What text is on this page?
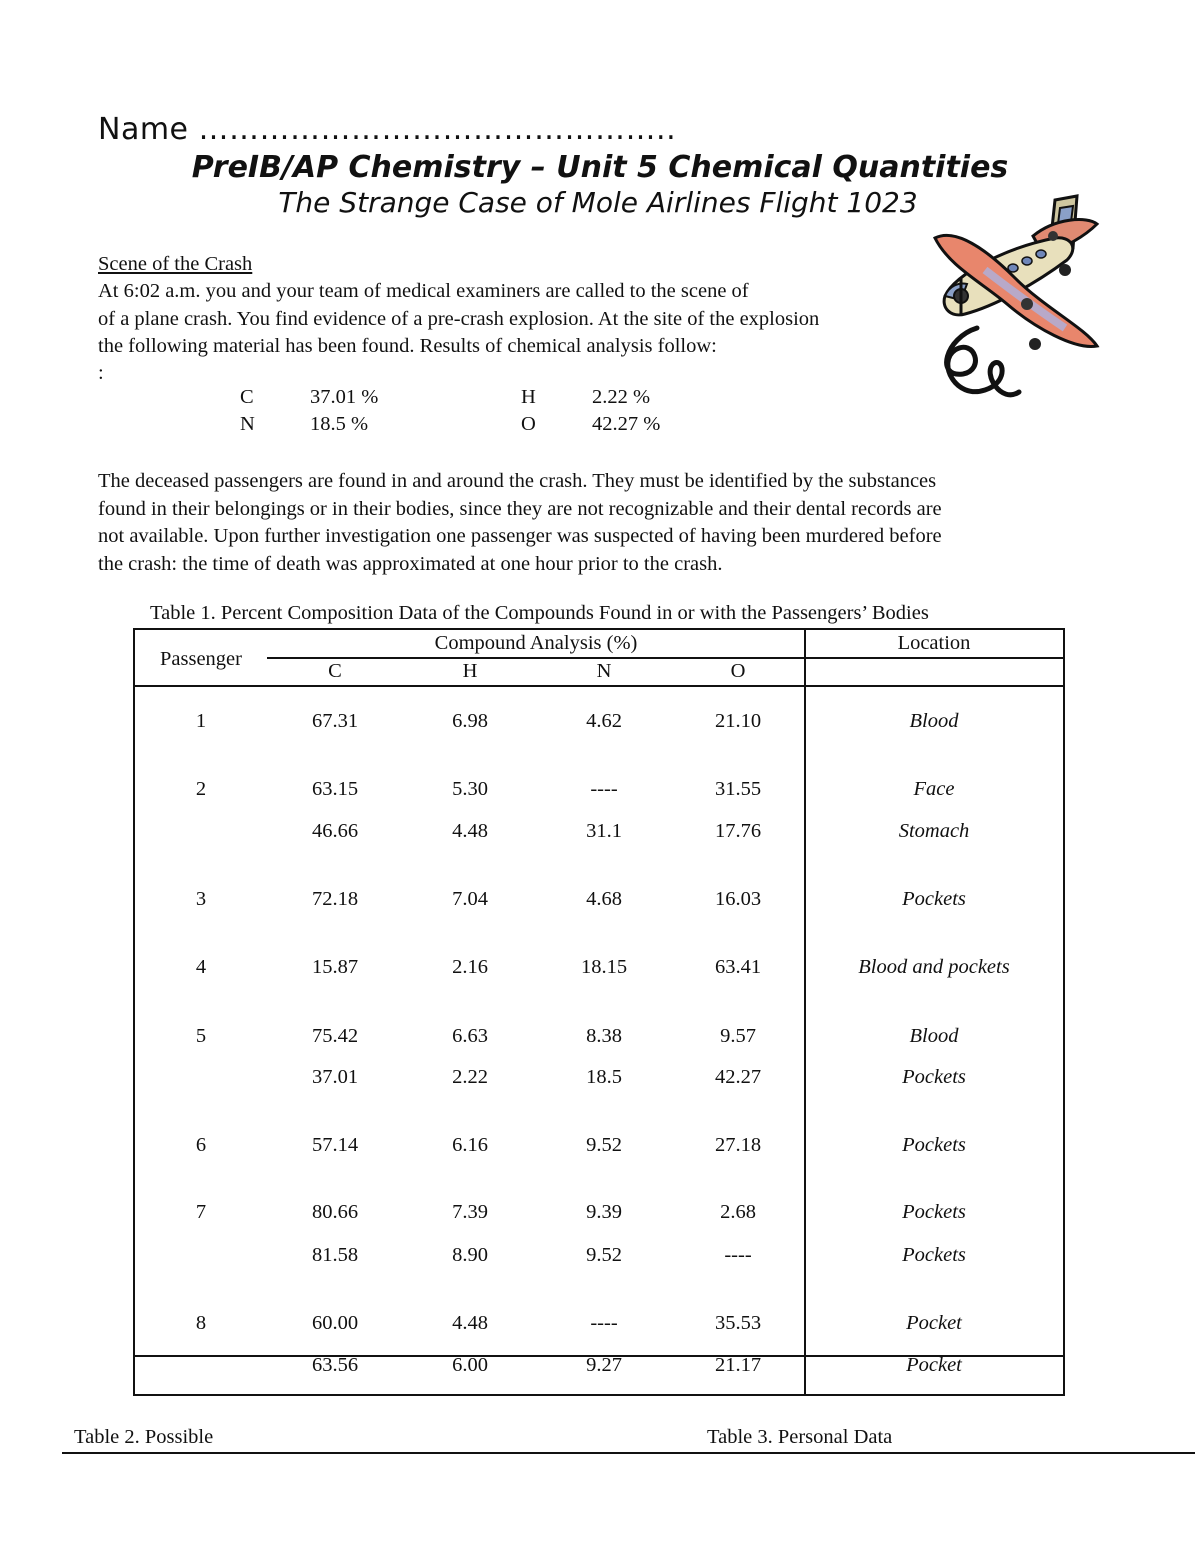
Name ………………………………………..
PreIB/AP Chemistry – Unit 5 Chemical Quantities
The Strange Case of Mole Airlines Flight 1023
Scene of the Crash
At 6:02 a.m. you and your team of medical examiners are called to the scene of
of a plane crash. You find evidence of a pre-crash explosion. At the site of the explosion
the following material has been found. Results of chemical analysis follow:
:
C	37.01 %	H	2.22 %
N	18.5 %	O	42.27 %
The deceased passengers are found in and around the crash. They must be identified by the substances
found in their belongings or in their bodies, since they are not recognizable and their dental records are
not available. Upon further investigation one passenger was suspected of having been murdered before
the crash: the time of death was approximated at one hour prior to the crash.
Table 1. Percent Composition Data of the Compounds Found in or with the Passengers’ Bodies
Passenger
Compound Analysis (%)	Location
C	H	N	O
1	67.31	6.98	4.62	21.10	Blood
2	63.15	5.30	----	31.55	Face
46.66	4.48	31.1	17.76	Stomach
3	72.18	7.04	4.68	16.03	Pockets
4	15.87	2.16	18.15	63.41	Blood and pockets
5	75.42	6.63	8.38	9.57	Blood
37.01	2.22	18.5	42.27	Pockets
6	57.14	6.16	9.52	27.18	Pockets
7	80.66	7.39	9.39	2.68	Pockets
81.58	8.90	9.52	----	Pockets
8	60.00	4.48	----	35.53	Pocket
63.56	6.00	9.27	21.17	Pocket
Table 2. Possible	Table 3. Personal Data
